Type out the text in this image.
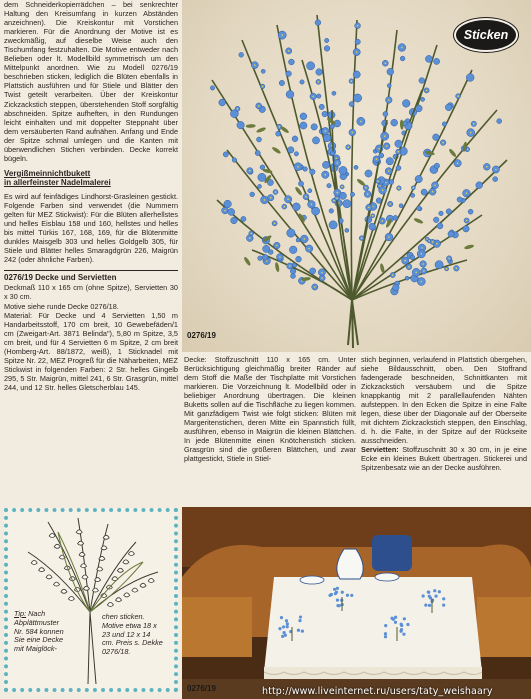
dem Schneiderkopierrädchen – bei senkrechter Haltung den Kreisumfang in kurzen Abständen anzeichnen). Die Kreiskontur mit Vorstichen markieren. Für die Anordnung der Motive ist es zweckmäßig, auf dieselbe Weise auch den Tischumfang festzuhalten. Die Motive entweder nach Belieben oder lt. Modellbild symmetrisch um den Mittelpunkt anordnen. Wie zu Modell 0276/19 beschrieben sticken, lediglich die Blüten ebenfalls in Plattstich ausführen und für Stiele und Blätter den Twist geteilt verarbeiten. Über der Kreiskontur Zickzackstich steppen, überstehenden Stoff sorgfältig abschneiden. Spitze aufheften, in den Rundungen leicht einhalten und mit doppelter Steppnaht über dem versäuberten Rand aufnähen. Anfang und Ende der Spitze schmal umlegen und die Kanten mit überwendlichen Stichen verbinden. Decke korrekt bügeln.

Vergißmeinnichtbukett

in allerfeinster Nadelmalerei

Es wird auf feinfädiges Lindhorst-Grasleinen gestickt. Folgende Farben sind verwendet (die Nummern gelten für MEZ Stickwist): Für die Blüten allerhellstes und helles Eisblau 158 und 160, hellstes und helles bis mittel Türkis 167, 168, 169, für die Blütenmitte dunkles Maisgelb 303 und helles Goldgelb 305, für Stiele und Blätter helles Smaragdgrün 226, Maigrün 242 (oder ähnliche Farben).

0276/19 Decke und Servietten

Deckmaß 110 x 165 cm (ohne Spitze), Servietten 30 x 30 cm.

Motive siehe runde Decke 0276/18.

Material: Für Decke und 4 Servietten 1,50 m Handarbeitsstoff, 170 cm breit, 10 Gewebefäden/1 cm (Zweigart-Art. 3871 Belinda"), 5,80 m Spitze, 3,5 cm breit, und für 4 Servietten 6 m Spitze, 2 cm breit (Homberg-Art. 88/1872, weiß), 1 Sticknadel mit Spitze Nr. 22, MEZ Progreß für die Näharbeiten, MEZ Stickwist in folgenden Farben: 2 Str. helles Gingelb 295, 5 Str. Maigrün, mittel 241, 6 Str. Grasgrün, mittel 244, und 12 Str. helles Gletscherblau 145.

Sticken
0276/19

Decke: Stoffzuschnitt 110 x 165 cm. Unter Berücksichtigung gleichmäßig breiter Ränder auf dem Stoff die Maße der Tischplatte mit Vorstichen markieren. Die Vorzeichnung lt. Modellbild oder in beliebiger Anordnung übertragen. Die kleinen Buketts sollen auf die Tischfläche zu liegen kommen. Mit ganzfädigem Twist wie folgt sticken: Blüten mit Margeritenstichen, deren Mitte ein Spannstich füllt, ausführen, ebenso in Maigrün die kleinen Blättchen. In jede Blütenmitte einen Knötchenstich sticken. Grasgrün sind die größeren Blättchen, und zwar plattgestickt, Stiele in Stiel-

stich beginnen, verlaufend in Plattstich übergehen, siehe Bildausschnitt, oben. Den Stoffrand fadengerade beschneiden, Schnittkanten mit Zickzackstich versäubern und die Spitze knappkantig mit 2 parallellaufenden Nähten aufsteppen. In den Ecken die Spitze in eine Falte legen, diese über der Diagonale auf der Oberseite mit dichtem Zickzackstich steppen, den Einschlag, d. h. die Falte, in der Spitze auf der Rückseite ausschneiden.

Servietten: Stoffzuschnitt 30 x 30 cm, in je eine Ecke ein kleines Bukett übertragen. Stickerei und Spitzenbesatz wie an der Decke ausführen.

Tip: Nach Abplättmuster Nr. 584 konnen Sie eine Decke mit Maiglöck-
chen sticken. Motive etwa 18 x 23 und 12 x 14 cm. Preis s. Dekke 0276/18.
0276/19	http://www.liveinternet.ru/users/taty_weishaary
